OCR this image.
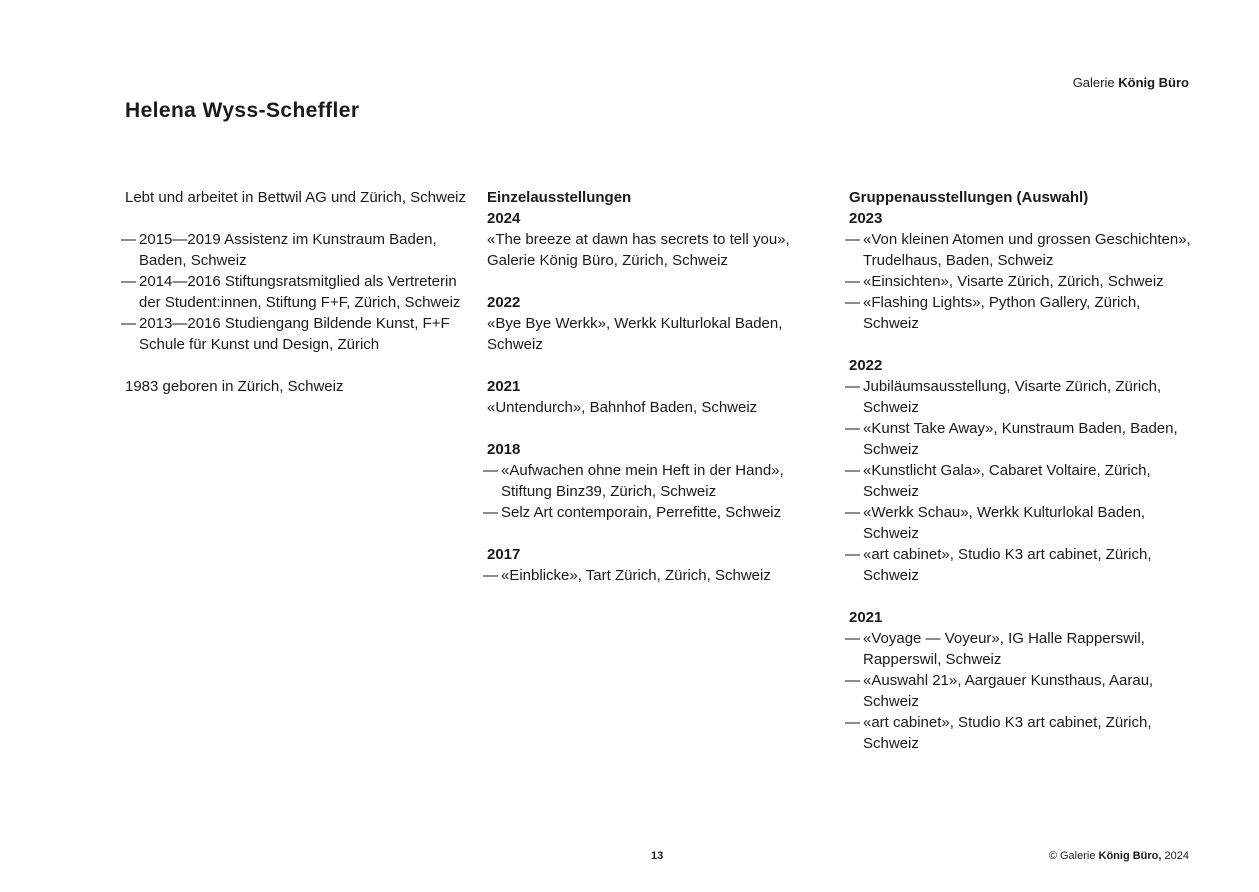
Galerie König Büro
Helena Wyss-Scheffler

Lebt und arbeitet in Bettwil AG und Zürich, Schweiz

— 2015—2019 Assistenz im Kunstraum Baden, Baden, Schweiz
— 2014—2016 Stiftungsratsmitglied als Vertreterin der Student:innen, Stiftung F+F, Zürich, Schweiz
— 2013—2016 Studiengang Bildende Kunst, F+F Schule für Kunst und Design, Zürich

1983 geboren in Zürich, Schweiz

Einzelausstellungen

2024

«The breeze at dawn has secrets to tell you», Galerie König Büro, Zürich, Schweiz

2022

«Bye Bye Werkk», Werkk Kulturlokal Baden, Schweiz

2021

«Untendurch», Bahnhof Baden, Schweiz

2018

— «Aufwachen ohne mein Heft in der Hand», Stiftung Binz39, Zürich, Schweiz
— Selz Art contemporain, Perrefitte, Schweiz

2017

— «Einblicke», Tart Zürich, Zürich, Schweiz

Gruppenausstellungen (Auswahl)

2023

— «Von kleinen Atomen und grossen Geschichten», Trudelhaus, Baden, Schweiz
— «Einsichten», Visarte Zürich, Zürich, Schweiz
— «Flashing Lights», Python Gallery, Zürich, Schweiz

2022

— Jubiläumsausstellung, Visarte Zürich, Zürich, Schweiz
— «Kunst Take Away», Kunstraum Baden, Baden, Schweiz
— «Kunstlicht Gala», Cabaret Voltaire, Zürich, Schweiz
— «Werkk Schau», Werkk Kulturlokal Baden, Schweiz
— «art cabinet», Studio K3 art cabinet, Zürich, Schweiz

2021

— «Voyage — Voyeur», IG Halle Rapperswil, Rapperswil, Schweiz
— «Auswahl 21», Aargauer Kunsthaus, Aarau, Schweiz
— «art cabinet», Studio K3 art cabinet, Zürich, Schweiz
13	© Galerie König Büro, 2024
